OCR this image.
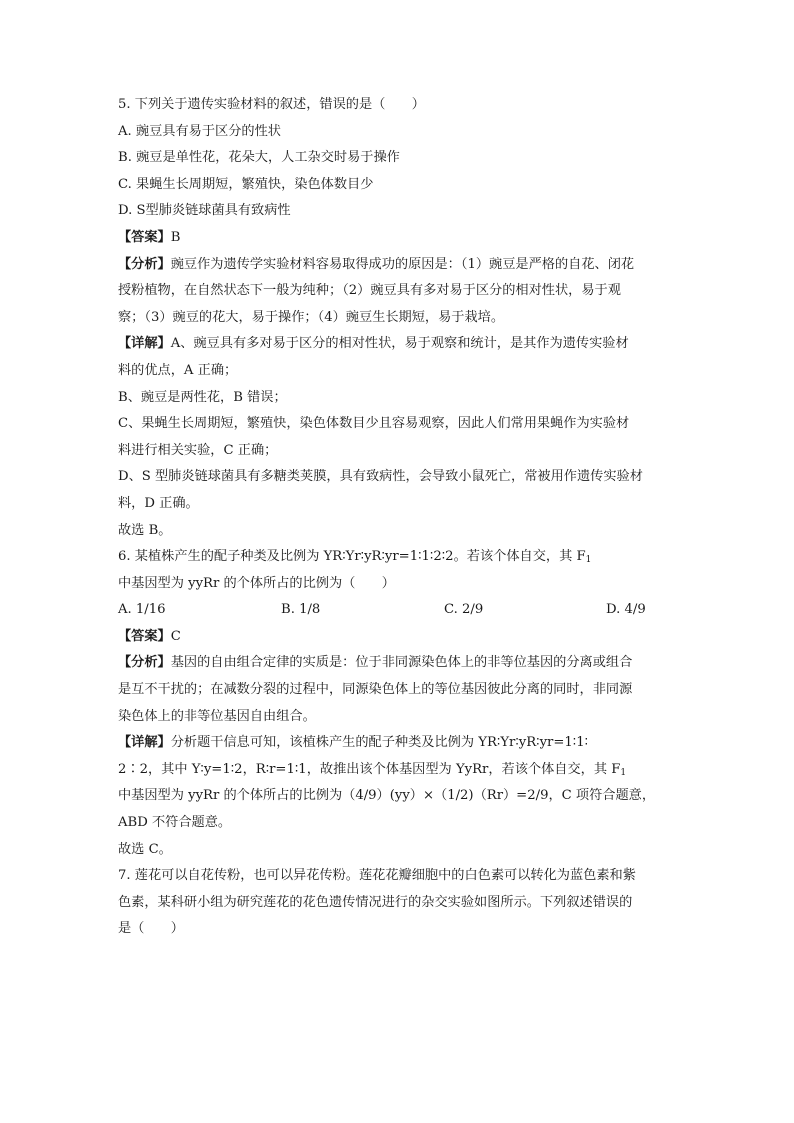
5. 下列关于遗传实验材料的叙述，错误的是（　　）
A. 豌豆具有易于区分的性状
B. 豌豆是单性花，花朵大，人工杂交时易于操作
C. 果蝇生长周期短，繁殖快，染色体数目少
D. S型肺炎链球菌具有致病性
【答案】B
【分析】豌豆作为遗传学实验材料容易取得成功的原因是：（1）豌豆是严格的自花、闭花
授粉植物，在自然状态下一般为纯种；（2）豌豆具有多对易于区分的相对性状，易于观
察；（3）豌豆的花大，易于操作；（4）豌豆生长期短，易于栽培。
【详解】A、豌豆具有多对易于区分的相对性状，易于观察和统计，是其作为遗传实验材
料的优点，A 正确；
B、豌豆是两性花，B 错误；
C、果蝇生长周期短，繁殖快，染色体数目少且容易观察，因此人们常用果蝇作为实验材
料进行相关实验，C 正确；
D、S 型肺炎链球菌具有多糖类荚膜，具有致病性，会导致小鼠死亡，常被用作遗传实验材
料，D 正确。
故选 B。
6. 某植株产生的配子种类及比例为 YR∶Yr∶yR∶yr=1∶1∶2∶2。若该个体自交，其 $F_1$
中基因型为 yyRr 的个体所占的比例为（　　）
A. 1/16	B. 1/8	C. 2/9	D. 4/9
【答案】C
【分析】基因的自由组合定律的实质是：位于非同源染色体上的非等位基因的分离或组合
是互不干扰的；在减数分裂的过程中，同源染色体上的等位基因彼此分离的同时，非同源
染色体上的非等位基因自由组合。
【详解】分析题干信息可知，该植株产生的配子种类及比例为 YR∶Yr∶yR∶yr=1∶1∶
2∶2，其中 Y∶y=1∶2，R∶r=1∶1，故推出该个体基因型为 YyRr，若该个体自交，其 $F_1$
中基因型为 yyRr 的个体所占的比例为（4/9）(yy）×（1/2)（Rr）=2/9，C 项符合题意，
ABD 不符合题意。
故选 C。
7. 莲花可以自花传粉，也可以异花传粉。莲花花瓣细胞中的白色素可以转化为蓝色素和紫
色素，某科研小组为研究莲花的花色遗传情况进行的杂交实验如图所示。下列叙述错误的
是（　　）
